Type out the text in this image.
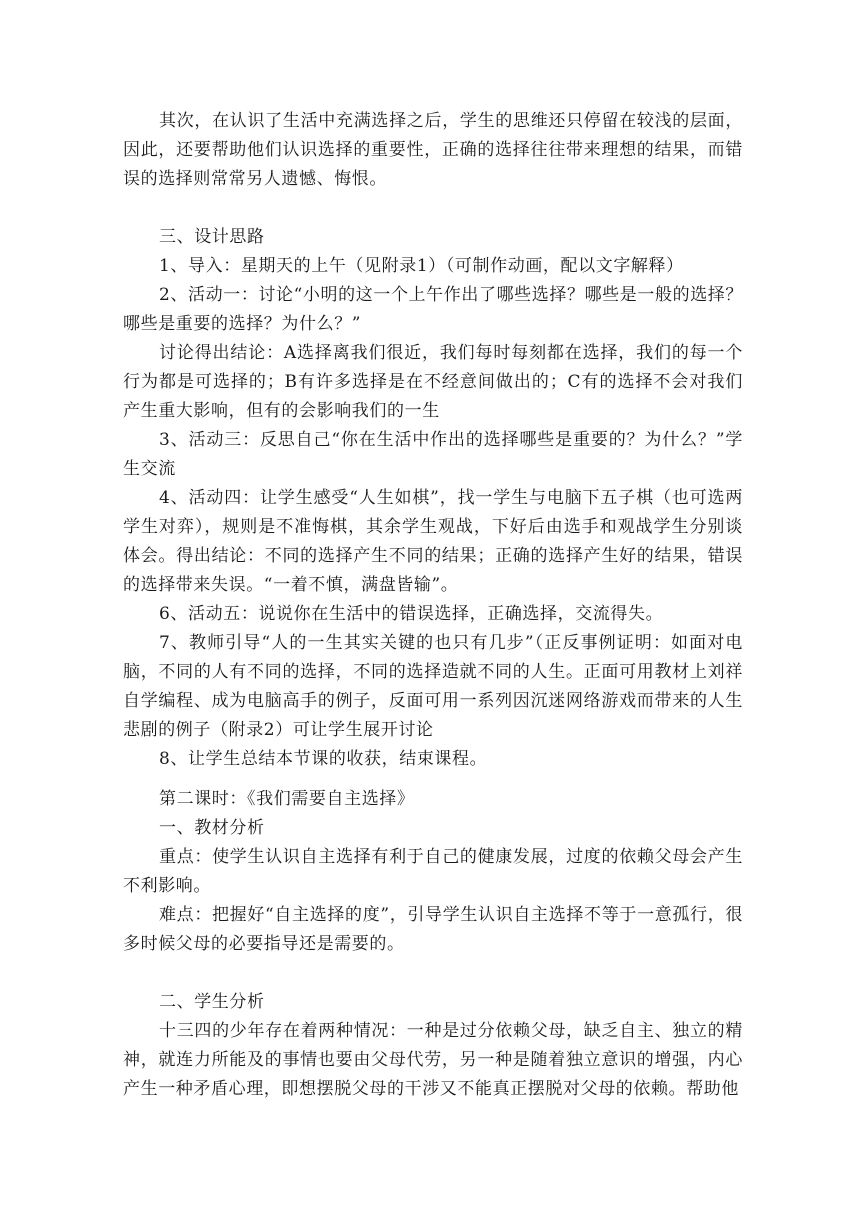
其次，在认识了生活中充满选择之后，学生的思维还只停留在较浅的层面，因此，还要帮助他们认识选择的重要性，正确的选择往往带来理想的结果，而错误的选择则常常另人遗憾、悔恨。

三、设计思路

1、导入：星期天的上午（见附录1）（可制作动画，配以文字解释）

2、活动一：讨论“小明的这一个上午作出了哪些选择？哪些是一般的选择？哪些是重要的选择？为什么？”

讨论得出结论：A选择离我们很近，我们每时每刻都在选择，我们的每一个行为都是可选择的；B有许多选择是在不经意间做出的；C有的选择不会对我们产生重大影响，但有的会影响我们的一生

3、活动三：反思自己“你在生活中作出的选择哪些是重要的？为什么？”学生交流

4、活动四：让学生感受“人生如棋”，找一学生与电脑下五子棋（也可选两学生对弈），规则是不准悔棋，其余学生观战，下好后由选手和观战学生分别谈体会。得出结论：不同的选择产生不同的结果；正确的选择产生好的结果，错误的选择带来失误。“一着不慎，满盘皆输”。

6、活动五：说说你在生活中的错误选择，正确选择，交流得失。

7、教师引导“人的一生其实关键的也只有几步”（正反事例证明：如面对电脑，不同的人有不同的选择，不同的选择造就不同的人生。正面可用教材上刘祥自学编程、成为电脑高手的例子，反面可用一系列因沉迷网络游戏而带来的人生悲剧的例子（附录2）可让学生展开讨论

8、让学生总结本节课的收获，结束课程。

第二课时：《我们需要自主选择》

一、教材分析

重点：使学生认识自主选择有利于自己的健康发展，过度的依赖父母会产生不利影响。

难点：把握好“自主选择的度”，引导学生认识自主选择不等于一意孤行，很多时候父母的必要指导还是需要的。

二、学生分析

十三四的少年存在着两种情况：一种是过分依赖父母，缺乏自主、独立的精神，就连力所能及的事情也要由父母代劳，另一种是随着独立意识的增强，内心产生一种矛盾心理，即想摆脱父母的干涉又不能真正摆脱对父母的依赖。帮助他
